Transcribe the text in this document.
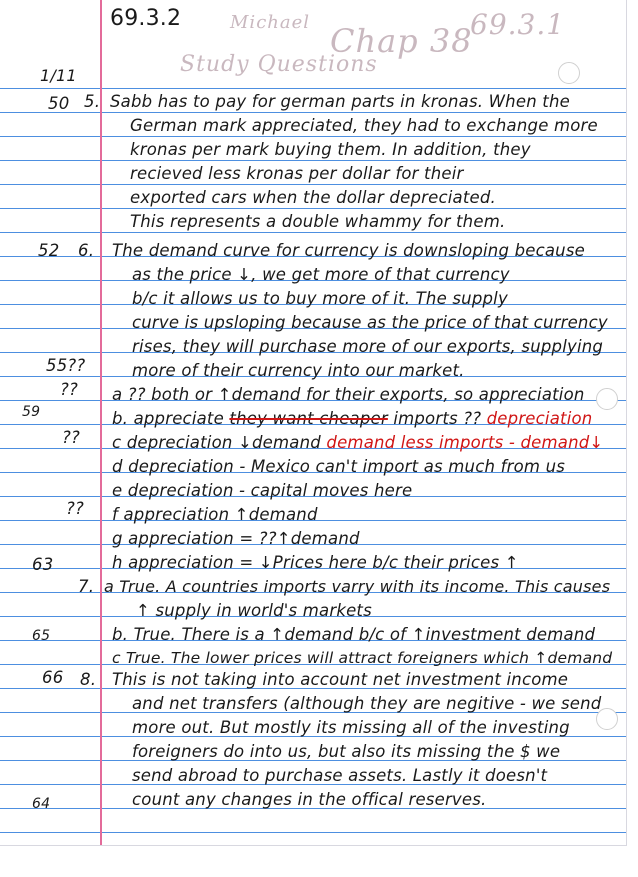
Michael Chap 38
Study Questions
69.3.1
69.3.2
1/11
50
52
55??
??
59
??
??
63
65
66
64
5. Sabb has to pay for german parts in kronas. When the
German mark appreciated, they had to exchange more
kronas per mark buying them. In addition, they
recieved less kronas per dollar for their
exported cars when the dollar depreciated.
This represents a double whammy for them.
6. The demand curve for currency is downsloping because
as the price ↓, we get more of that currency
b/c it allows us to buy more of it. The supply
curve is upsloping because as the price of that currency
rises, they will purchase more of our exports, supplying
more of their currency into our market.
a ?? both or ↑demand for their exports, so appreciation
b. appreciate they want cheaper imports ?? depreciation
c depreciation ↓demand demand less imports - demand↓
d depreciation - Mexico can't import as much from us
e depreciation - capital moves here
f appreciation ↑demand
g appreciation = ??↑demand
h appreciation = ↓Prices here b/c their prices ↑
7. a True. A countries imports varry with its income. This causes
↑ supply in world's markets
b. True. There is a ↑demand b/c of ↑investment demand
c True. The lower prices will attract foreigners which ↑demand
8. This is not taking into account net investment income
and net transfers (although they are negitive - we send
more out. But mostly its missing all of the investing
foreigners do into us, but also its missing the $ we
send abroad to purchase assets. Lastly it doesn't
count any changes in the offical reserves.
